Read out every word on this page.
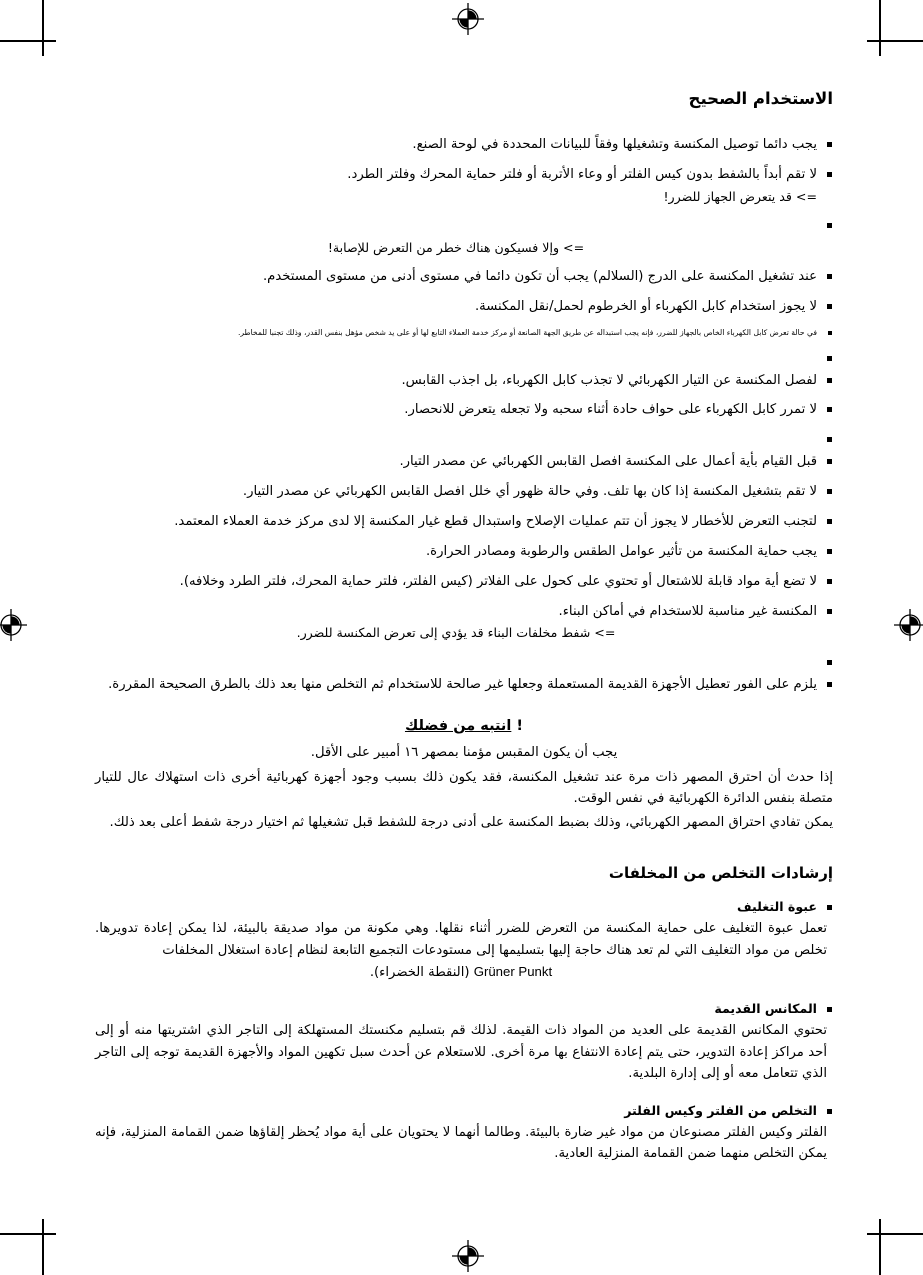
الاستخدام الصحيح
يجب دائما توصيل المكنسة وتشغيلها وفقاً للبيانات المحددة في لوحة الصنع.
لا تقم أبداً بالشفط بدون كيس الفلتر أو وعاء الأتربة أو فلتر حماية المحرك وفلتر الطرد.
=> قد يتعرض الجهاز للضرر!
=> وإلا فسيكون هناك خطر من التعرض للإصابة!
عند تشغيل المكنسة على الدرج (السلالم) يجب أن تكون دائما في مستوى أدنى من مستوى المستخدم.
لا يجوز استخدام كابل الكهرباء أو الخرطوم لحمل/نقل المكنسة.
في حالة تعرض كابل الكهرباء الخاص بالجهاز للضرر، فإنه يجب استبداله عن طريق الجهة الصانعة أو مركز خدمة العملاء التابع لها أو على يد شخص مؤهل بنفس القدر، وذلك تجنبا للمخاطر.
لفصل المكنسة عن التيار الكهربائي لا تجذب كابل الكهرباء، بل اجذب القابس.
لا تمرر كابل الكهرباء على حواف حادة أثناء سحبه ولا تجعله يتعرض للانحصار.
قبل القيام بأية أعمال على المكنسة افصل القابس الكهربائي عن مصدر التيار.
لا تقم بتشغيل المكنسة إذا كان بها تلف. وفي حالة ظهور أي خلل افصل القابس الكهربائي عن مصدر التيار.
لتجنب التعرض للأخطار لا يجوز أن تتم عمليات الإصلاح واستبدال قطع غيار المكنسة إلا لدى مركز خدمة العملاء المعتمد.
يجب حماية المكنسة من تأثير عوامل الطقس والرطوبة ومصادر الحرارة.
لا تضع أية مواد قابلة للاشتعال أو تحتوي على كحول على الفلاتر (كيس الفلتر، فلتر حماية المحرك، فلتر الطرد وخلافه).
المكنسة غير مناسبة للاستخدام في أماكن البناء.
=> شفط مخلفات البناء قد يؤدي إلى تعرض المكنسة للضرر.
يلزم على الفور تعطيل الأجهزة القديمة المستعملة وجعلها غير صالحة للاستخدام ثم التخلص منها بعد ذلك بالطرق الصحيحة المقررة.
! انتبه من فضلك

يجب أن يكون المقبس مؤمنا بمصهر ١٦ أمبير على الأقل.

إذا حدث أن احترق المصهر ذات مرة عند تشغيل المكنسة، فقد يكون ذلك بسبب وجود أجهزة كهربائية أخرى ذات استهلاك عال للتيار متصلة بنفس الدائرة الكهربائية في نفس الوقت.

يمكن تفادي احتراق المصهر الكهربائي، وذلك بضبط المكنسة على أدنى درجة للشفط قبل تشغيلها ثم اختيار درجة شفط أعلى بعد ذلك.

إرشادات التخلص من المخلفات
عبوة التغليف

تعمل عبوة التغليف على حماية المكنسة من التعرض للضرر أثناء نقلها. وهي مكونة من مواد صديقة بالبيئة، لذا يمكن إعادة تدويرها. تخلص من مواد التغليف التي لم تعد هناك حاجة إليها بتسليمها إلى مستودعات التجميع التابعة لنظام إعادة استغلال المخلفات
Grüner Punkt (النقطة الخضراء).

المكانس القديمة

تحتوي المكانس القديمة على العديد من المواد ذات القيمة. لذلك قم بتسليم مكنستك المستهلكة إلى التاجر الذي اشتريتها منه أو إلى أحد مراكز إعادة التدوير، حتى يتم إعادة الانتفاع بها مرة أخرى. للاستعلام عن أحدث سبل تكهين المواد والأجهزة القديمة توجه إلى التاجر الذي تتعامل معه أو إلى إدارة البلدية.

التخلص من الفلتر وكيس الفلتر

الفلتر وكيس الفلتر مصنوعان من مواد غير ضارة بالبيئة. وطالما أنهما لا يحتويان على أية مواد يُحظر إلقاؤها ضمن القمامة المنزلية، فإنه يمكن التخلص منهما ضمن القمامة المنزلية العادية.
